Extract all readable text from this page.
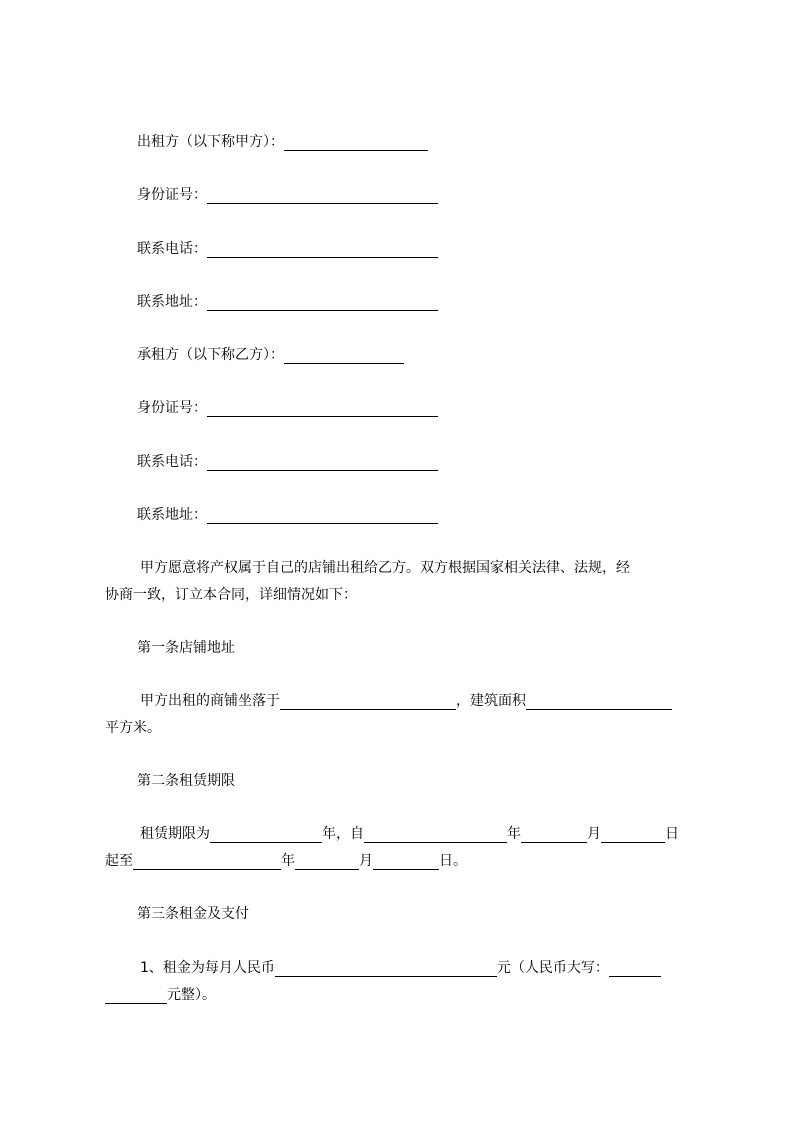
出租方（以下称甲方）：
身份证号：
联系电话：
联系地址：
承租方（以下称乙方）：
身份证号：
联系电话：
联系地址：
甲方愿意将产权属于自己的店铺出租给乙方。双方根据国家相关法律、法规，经
协商一致，订立本合同，详细情况如下：
第一条店铺地址
甲方出租的商铺坐落于	，建筑面积
平方米。
第二条租赁期限
租赁期限为	年，自	年	月	日
起至	年	月	日。
第三条租金及支付
1、租金为每月人民币	元（人民币大写：
元整）。
